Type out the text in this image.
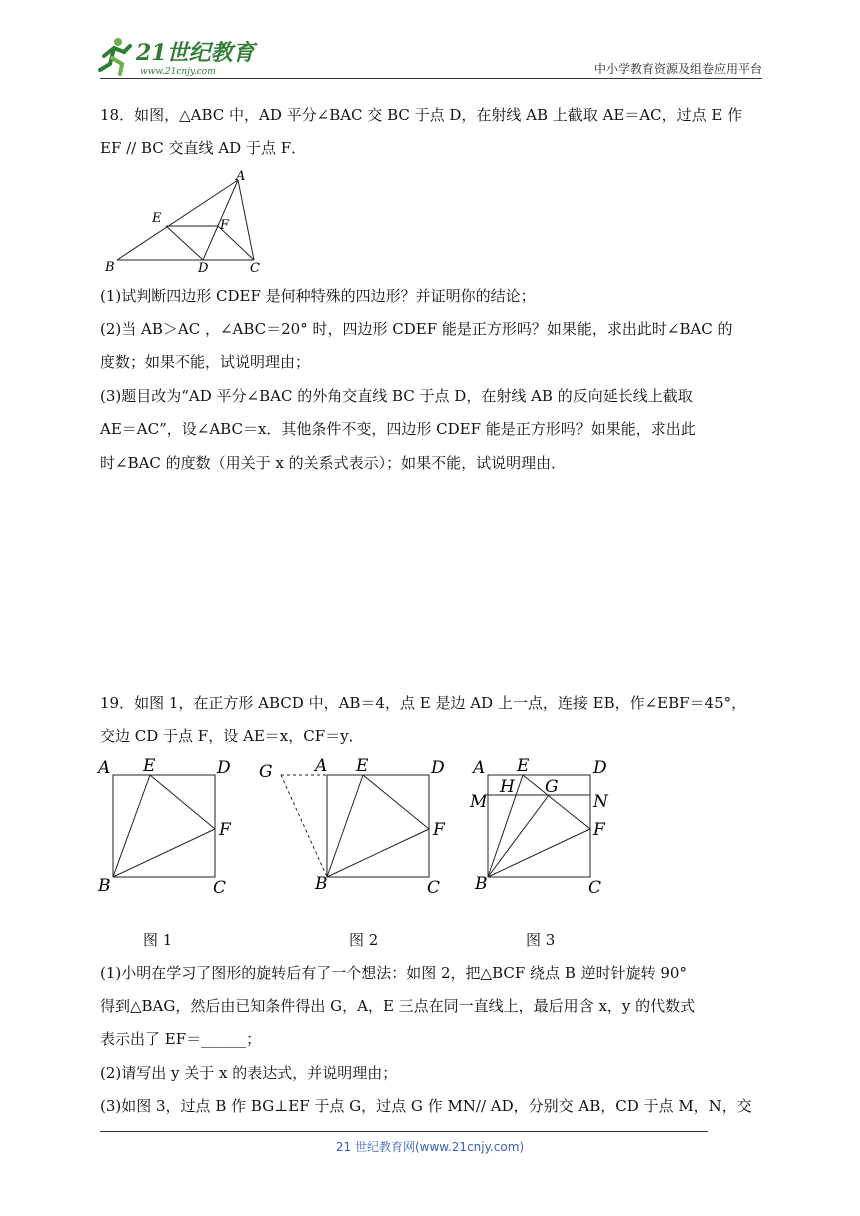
21世纪教育
www.21cnjy.com	中小学教育资源及组卷应用平台
18．如图，△ABC 中，AD 平分∠BAC 交 BC 于点 D，在射线 AB 上截取 AE＝AC，过点 E 作
EF // BC 交直线 AD 于点 F．
A
B	C
D
E	F
(1)试判断四边形 CDEF 是何种特殊的四边形？并证明你的结论；
(2)当 AB＞AC ，∠ABC＝20° 时，四边形 CDEF 能是正方形吗？如果能，求出此时∠BAC 的
度数；如果不能，试说明理由；
(3)题目改为“AD 平分∠BAC 的外角交直线 BC 于点 D，在射线 AB 的反向延长线上截取
AE＝AC”，设∠ABC＝x．其他条件不变，四边形 CDEF 能是正方形吗？如果能，求出此
时∠BAC 的度数（用关于 x 的关系式表示）；如果不能，试说明理由．
19．如图 1，在正方形 ABCD 中，AB＝4，点 E 是边 AD 上一点，连接 EB，作∠EBF＝45°，
交边 CD 于点 F，设 AE＝x，CF＝y．
A E	D
F
B	C
G A E	D
F
B	C
A E	D
H G
M	N
F
B	C
图 1	图 2	图 3
(1)小明在学习了图形的旋转后有了一个想法：如图 2，把△BCF 绕点 B 逆时针旋转 90°
得到△BAG，然后由已知条件得出 G，A，E 三点在同一直线上，最后用含 x，y 的代数式
表示出了 EF＝______；
(2)请写出 y 关于 x 的表达式，并说明理由；
(3)如图 3，过点 B 作 BG⊥EF 于点 G，过点 G 作 MN// AD，分别交 AB，CD 于点 M，N，交
21 世纪教育网(www.21cnjy.com)
